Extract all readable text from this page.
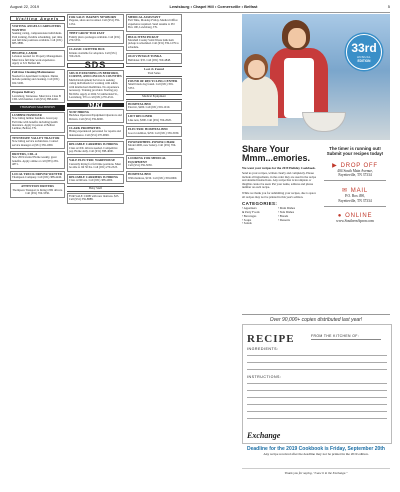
August 22, 2019	Lewisburg • Chapel Hill • Cornersville • Belfast	5
Visiting Angels
VISITING ANGELS CAREGIVERS WANTED
Seeking caring, compassionate individuals. Paid training, flexible scheduling, part time and full time positions available. Call (931) 685-3880.
HELPER, LABOR
Lebanon needed for Property Management. Must have full time work experience. Apply at 321 Belfast Rd.
Full time Cleaning/Maintenance
Needed for Apartment Complex. Duties include painting and cleaning. Call (931) 922-5200.
Propane Delivery
Lewisburg, Tennessee. Must have Class B CDL with hazmat. Call (931) 388-4240.
THOMPSON MACHINERY
LUMBER HANDLER
Now hiring lumber handlers. Great pay. Full time with benefits including health insurance. Apply in person at Belfast Lumber, Belfast, TN.
TENNESSEE VALLEY TRACTOR
Now hiring service technicians. Contact service manager at (931) 359-1000.
DRIVERS, CDL-A
New 2019 trucks! Home weekly, great benefits. Apply online or call (855) 239-4871.
LOCAL TRUCK DRIVER WANTED
Thompson Company. Call (931) 388-4240.
ATTENTION DRIVERS
Thompson Transport is hiring OTR drivers. Call (931) 359-3336.
FOR SALE: BARNEY NEWBORN
Puppies, shots and wormed. Call (931) 359-1234.
THEY GROW TOO FAST
Family photo packages available. Call (931) 270-5555.
CLASSIC CRITTER BOX
Kittens available for adoption. Call (931) 359-2222.
SDS
SDS IS EXPANDING IN BEDFORD, COFFEE, AND LINCOLN COUNTIES
Multi-Development Services is seeking caring individuals for working with adults with intellectual disabilities. No experience necessary. Training provided. Starting pay $9.50/hr. Apply at 2024 S Cumberland St., Lewisburg, TN or call (931) 270-4311.
MRI
NOW HIRING
Backhoe Operators/Equipment Operators and Drivers. Call (931) 359-6000.
CLARK PROPERTIES
Hiring experienced personnel for repairs and maintenance. Call (931) 270-9090.
RELIABLE CARRIERS IS HIRING
Class A CDL drivers needed. Competitive pay. Home daily. Call (931) 388-4000.
YALE ELECTRIC WAREHOUSE
Currently hiring for full time positions. Must be able to lift 50 lbs. Call (931) 270-2323.
RELIABLE CARRIERS IS HIRING
Class A Drivers. Call (931) 388-4000.
Baby Stuff
FOR SALE: CRIB with new mattress. $25. Call (931) 359-8888.
MEDICAL ASSISTANT
Full Time, Monday-Friday. Medical Office experience required. Send resume to PO Box 100, Lewisburg, TN.
BULK ITEM PICKUP
Marshall County Solid Waste bulk item pickup is scheduled. Call (931) 359-1279 to schedule.
OLD VINTAGE TONKA
Bulldozer. $35. Call (931) 359-4848.
Lost & Found
Yard Sales
FOUND OF RECYCLING CENTER
Small black dog found. Call (931) 359-5353.
Medical Equipment
HOSPITAL BED
Electric, $200. Call (931) 359-1010.
LIFT RECLINER
Like new, $300. Call (931) 359-2020.
ELECTRIC HOSPITAL BED
Good condition, $250. Call (931) 359-3030.
POWERWHEEL POWER CHAIR
Model 4000, new battery. Call (931) 359-4040.
LOOKING FOR MEDICAL EQUIPMENT
Call (931) 359-5050.
HOSPITAL BED
With mattress, $150. Call (931) 359-6060.
33rd
ANNUAL
EDITION
Share Your Mmm...emories.
We want your recipes for the 2019 Holiday Cookbook.
Send us your recipes, written clearly and completely. Please include all ingredients, in the order they are used in the recipe and detailed instructions. Any recipe that is incomplete or illegible cannot be used. Put your name, address and phone number on each recipe.
While we thank you for submitting your recipes, due to space all recipes may not be printed in this year's edition.
CATEGORIES:
• Appetizers
& Party Foods
• Beverages
• Soups
• Salads
• Main Dishes
• Side Dishes
• Breads
• Desserts
The timer is running out!
Submit your recipes today!
▶ DROP OFF
404 South Main Avenue,
Fayetteville, TN 37334
✉ MAIL
P.O. Box 490,
Fayetteville, TN 37334
● ONLINE
www.SouthernApron.com
Over 90,000+ copies distributed last year!
RECIPE	FROM THE KITCHEN OF:
INGREDIENTS:
INSTRUCTIONS:
Exchange
Deadline for the 2019 Cookbook is Friday, September 20th
Any recipe received after the deadline may not be printed in the 2019 edition.
Thank you for saying, "I saw it in the Exchange."
